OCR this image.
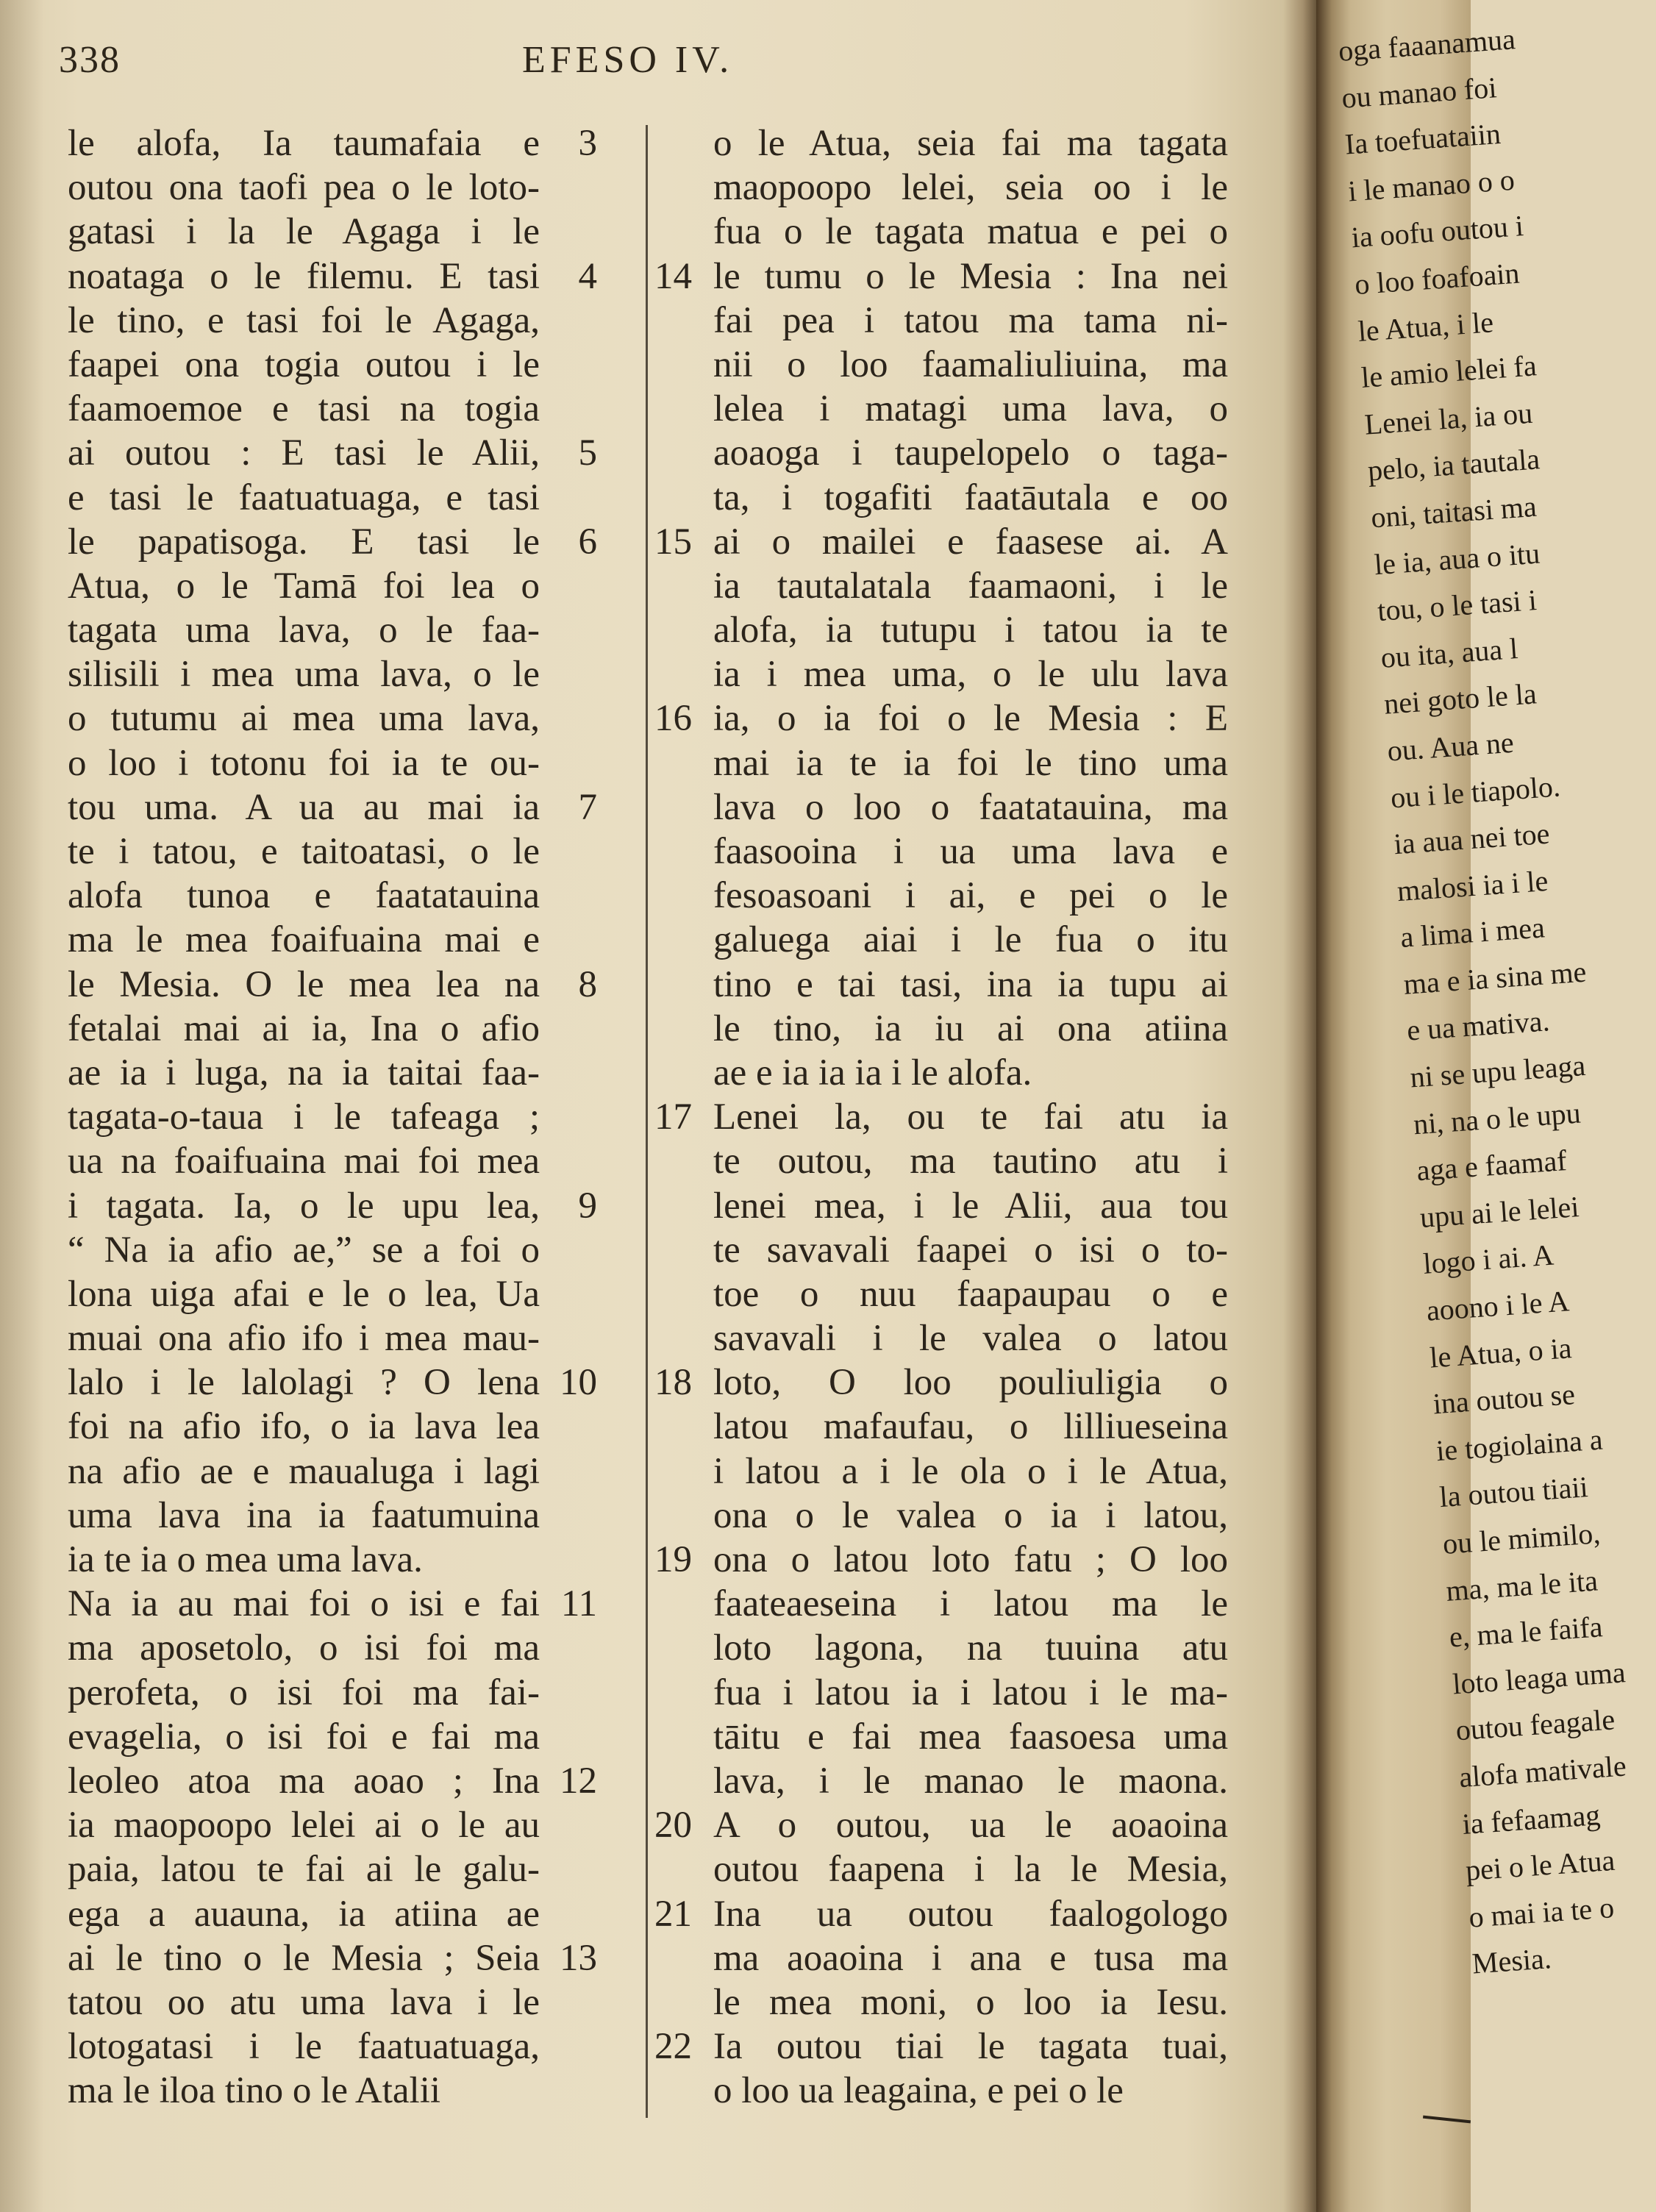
338	EFESO IV.
le alofa, Ia taumafaia e	3
outou ona taofi pea o le loto-
gatasi i la le Agaga i le
noataga o le filemu. E tasi	4
le tino, e tasi foi le Agaga,
faapei ona togia outou i le
faamoemoe e tasi na togia
ai outou : E tasi le Alii,	5
e tasi le faatuatuaga, e tasi
le papatisoga. E tasi le	6
Atua, o le Tamā foi lea o
tagata uma lava, o le faa-
silisili i mea uma lava, o le
o tutumu ai mea uma lava,
o loo i totonu foi ia te ou-
tou uma. A ua au mai ia	7
te i tatou, e taitoatasi, o le
alofa tunoa e faatatauina
ma le mea foaifuaina mai e
le Mesia. O le mea lea na	8
fetalai mai ai ia, Ina o afio
ae ia i luga, na ia taitai faa-
tagata-o-taua i le tafeaga ;
ua na foaifuaina mai foi mea
i tagata. Ia, o le upu lea,	9
“ Na ia afio ae,” se a foi o
lona uiga afai e le o lea, Ua
muai ona afio ifo i mea mau-
lalo i le lalolagi ? O lena 10
foi na afio ifo, o ia lava lea
na afio ae e maualuga i lagi
uma lava ina ia faatumuina
ia te ia o mea uma lava.
Na ia au mai foi o isi e fai 11
ma aposetolo, o isi foi ma
perofeta, o isi foi ma fai-
evagelia, o isi foi e fai ma
leoleo atoa ma aoao ; Ina 12
ia maopoopo lelei ai o le au
paia, latou te fai ai le galu-
ega a auauna, ia atiina ae
ai le tino o le Mesia ; Seia 13
tatou oo atu uma lava i le
lotogatasi i le faatuatuaga,
ma le iloa tino o le Atalii
o le Atua, seia fai ma tagata
maopoopo lelei, seia oo i le
fua o le tagata matua e pei o
14 le tumu o le Mesia : Ina nei
fai pea i tatou ma tama ni-
nii o loo faamaliuliuina, ma
lelea i matagi uma lava, o
aoaoga i taupelopelo o taga-
ta, i togafiti faatāutala e oo
15 ai o mailei e faasese ai. A
ia tautalatala faamaoni, i le
alofa, ia tutupu i tatou ia te
ia i mea uma, o le ulu lava
16 ia, o ia foi o le Mesia : E
mai ia te ia foi le tino uma
lava o loo o faatatauina, ma
faasooina i ua uma lava e
fesoasoani i ai, e pei o le
galuega aiai i le fua o itu
tino e tai tasi, ina ia tupu ai
le tino, ia iu ai ona atiina
ae e ia ia ia i le alofa.
17 Lenei la, ou te fai atu ia
te outou, ma tautino atu i
lenei mea, i le Alii, aua tou
te savavali faapei o isi o to-
toe o nuu faapaupau o e
savavali i le valea o latou
18 loto, O loo pouliuligia o
latou mafaufau, o lilliueseina
i latou a i le ola o i le Atua,
ona o le valea o ia i latou,
19 ona o latou loto fatu ; O loo
faateaeseina i latou ma le
loto lagona, na tuuina atu
fua i latou ia i latou i le ma-
tāitu e fai mea faasoesa uma
lava, i le manao le maona.
20 A o outou, ua le aoaoina
outou faapena i la le Mesia,
21 Ina ua outou faalogologo
ma aoaoina i ana e tusa ma
le mea moni, o loo ia Iesu.
22 Ia outou tiai le tagata tuai,
o loo ua leagaina, e pei o le
oga faaanamua
ou manao foi
Ia toefuataiin
i le manao o o
ia oofu outou i
o loo foafoain
le Atua, i le
le amio lelei fa
Lenei la, ia ou
pelo, ia tautala
oni, taitasi ma
le ia, aua o itu
tou, o le tasi i
ou ita, aua l
nei goto le la
ou. Aua ne
ou i le tiapolo.
ia aua nei toe
malosi ia i le
a lima i mea
ma e ia sina me
e ua mativa.
ni se upu leaga
ni, na o le upu
aga e faamaf
upu ai le lelei
logo i ai. A
aoono i le A
le Atua, o ia
ina outou se
ie togiolaina a
la outou tiaii
ou le mimilo,
ma, ma le ita
e, ma le faifa
loto leaga uma
outou feagale
alofa mativale
ia fefaamag
pei o le Atua
o mai ia te o
Mesia.
